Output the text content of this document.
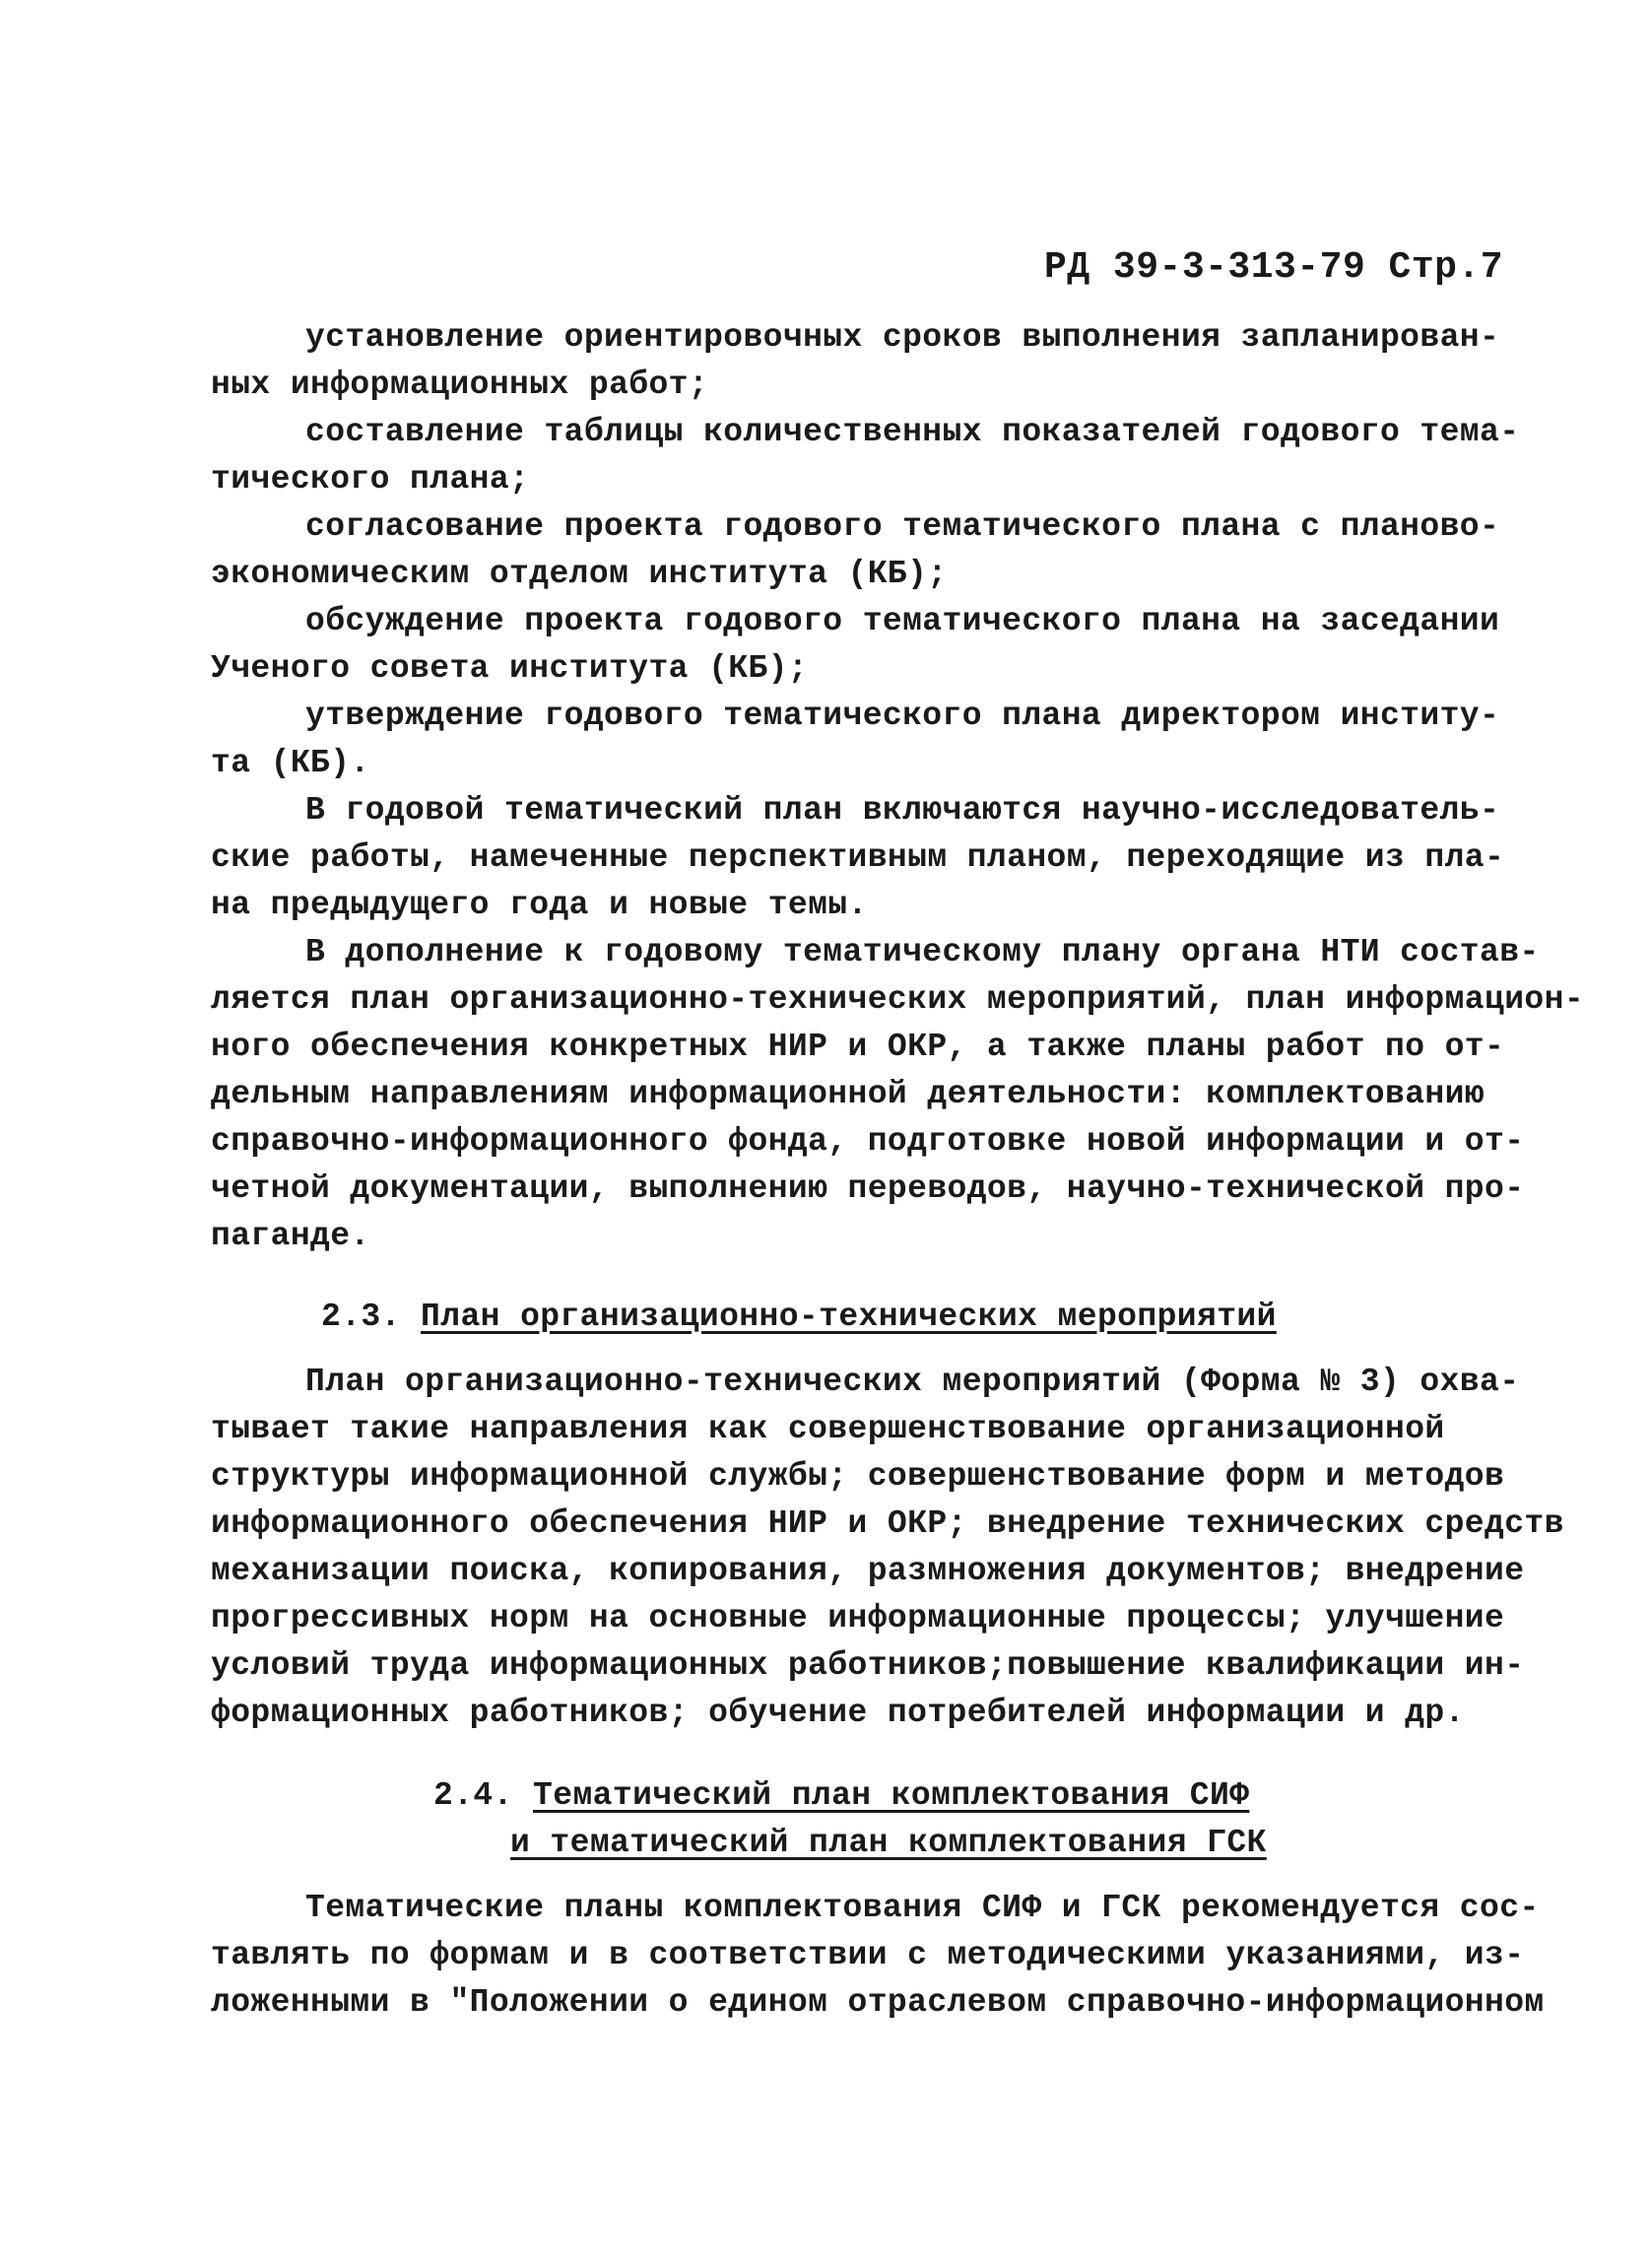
РД 39-3-313-79 Стр.7
установление ориентировочных сроков выполнения запланирован-
ных информационных работ;
составление таблицы количественных показателей годового тема-
тического плана;
согласование проекта годового тематического плана с планово-
экономическим отделом института (КБ);
обсуждение проекта годового тематического плана на заседании
Ученого совета института (КБ);
утверждение годового тематического плана директором институ-
та (КБ).
В годовой тематический план включаются научно-исследователь-
ские работы, намеченные перспективным планом, переходящие из пла-
на предыдущего года и новые темы.
В дополнение к годовому тематическому плану органа НТИ состав-
ляется план организационно-технических мероприятий, план информацион-
ного обеспечения конкретных НИР и ОКР, а также планы работ по от-
дельным направлениям информационной деятельности: комплектованию
справочно-информационного фонда, подготовке новой информации и от-
четной документации, выполнению переводов, научно-технической про-
паганде.
2.3. План организационно-технических мероприятий
План организационно-технических мероприятий (Форма № 3) охва-
тывает такие направления как совершенствование организационной
структуры информационной службы; совершенствование форм и методов
информационного обеспечения НИР и ОКР; внедрение технических средств
механизации поиска, копирования, размножения документов; внедрение
прогрессивных норм на основные информационные процессы; улучшение
условий труда информационных работников;повышение квалификации ин-
формационных работников; обучение потребителей информации и др.
2.4. Тематический план комплектования СИФ
и тематический план комплектования ГСК
Тематические планы комплектования СИФ и ГСК рекомендуется сос-
тавлять по формам и в соответствии с методическими указаниями, из-
ложенными в "Положении о едином отраслевом справочно-информационном
